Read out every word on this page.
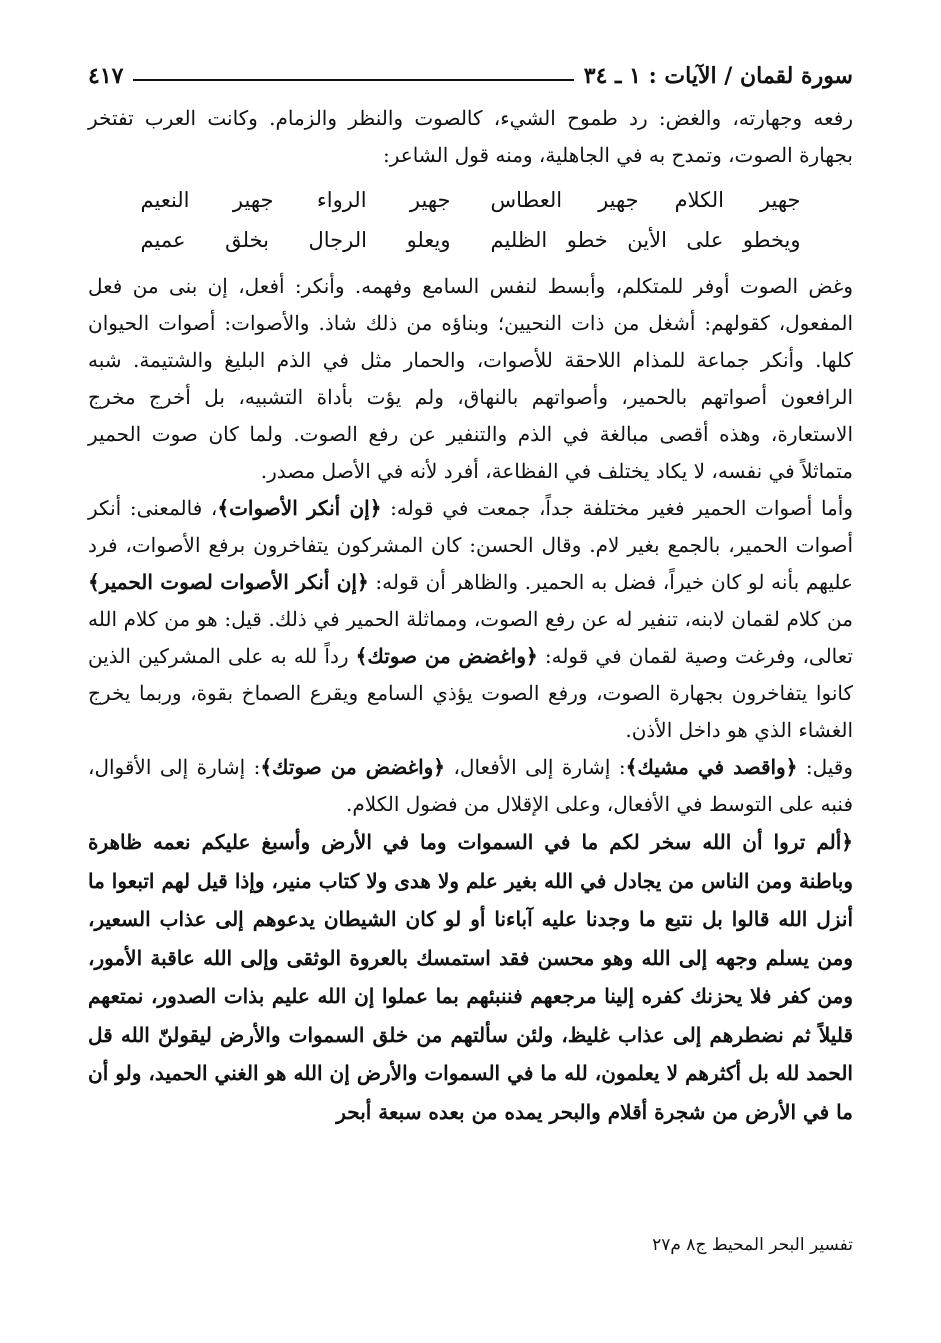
سورة لقمان / الآيات : ١ ـ ٣٤
٤١٧

رفعه وجهارته، والغض: رد طموح الشيء، كالصوت والنظر والزمام. وكانت العرب تفتخر بجهارة الصوت، وتمدح به في الجاهلية، ومنه قول الشاعر:

جهير الكلام جهير العطاس
جهير الرواء جهير النعيم
ويخطو على الأين خطو الظليم
ويعلو الرجال بخلق عميم

وغض الصوت أوفر للمتكلم، وأبسط لنفس السامع وفهمه. وأنكر: أفعل، إن بنى من فعل المفعول، كقولهم: أشغل من ذات النحيين؛ وبناؤه من ذلك شاذ. والأصوات: أصوات الحيوان كلها. وأنكر جماعة للمذام اللاحقة للأصوات، والحمار مثل في الذم البليغ والشتيمة. شبه الرافعون أصواتهم بالحمير، وأصواتهم بالنهاق، ولم يؤت بأداة التشبيه، بل أخرج مخرج الاستعارة، وهذه أقصى مبالغة في الذم والتنفير عن رفع الصوت. ولما كان صوت الحمير متماثلاً في نفسه، لا يكاد يختلف في الفظاعة، أفرد لأنه في الأصل مصدر.

وأما أصوات الحمير فغير مختلفة جداً، جمعت في قوله: ﴿إن أنكر الأصوات﴾، فالمعنى: أنكر أصوات الحمير، بالجمع بغير لام. وقال الحسن: كان المشركون يتفاخرون برفع الأصوات، فرد عليهم بأنه لو كان خيراً، فضل به الحمير. والظاهر أن قوله: ﴿إن أنكر الأصوات لصوت الحمير﴾ من كلام لقمان لابنه، تنفير له عن رفع الصوت، ومماثلة الحمير في ذلك. قيل: هو من كلام الله تعالى، وفرغت وصية لقمان في قوله: ﴿واغضض من صوتك﴾ رداً لله به على المشركين الذين كانوا يتفاخرون بجهارة الصوت، ورفع الصوت يؤذي السامع ويقرع الصماخ بقوة، وربما يخرج الغشاء الذي هو داخل الأذن.

وقيل: ﴿واقصد في مشيك﴾: إشارة إلى الأفعال، ﴿واغضض من صوتك﴾: إشارة إلى الأقوال، فنبه على التوسط في الأفعال، وعلى الإقلال من فضول الكلام.

﴿ألم تروا أن الله سخر لكم ما في السموات وما في الأرض وأسبغ عليكم نعمه ظاهرة وباطنة ومن الناس من يجادل في الله بغير علم ولا هدى ولا كتاب منير، وإذا قيل لهم اتبعوا ما أنزل الله قالوا بل نتبع ما وجدنا عليه آباءنا أو لو كان الشيطان يدعوهم إلى عذاب السعير، ومن يسلم وجهه إلى الله وهو محسن فقد استمسك بالعروة الوثقى وإلى الله عاقبة الأمور، ومن كفر فلا يحزنك كفره إلينا مرجعهم فننبئهم بما عملوا إن الله عليم بذات الصدور، نمتعهم قليلاً ثم نضطرهم إلى عذاب غليظ، ولئن سألتهم من خلق السموات والأرض ليقولنّ الله قل الحمد لله بل أكثرهم لا يعلمون، لله ما في السموات والأرض إن الله هو الغني الحميد، ولو أن ما في الأرض من شجرة أقلام والبحر يمده من بعده سبعة أبحر

تفسير البحر المحيط ج٨ م٢٧
